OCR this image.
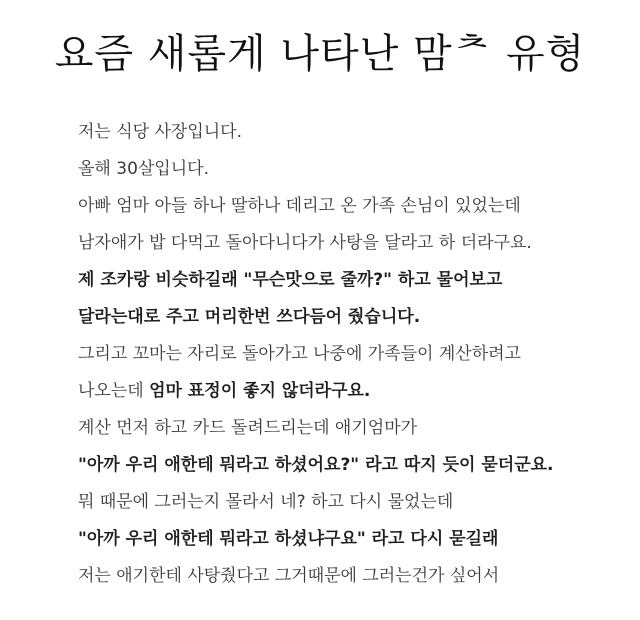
요즘 새롭게 나타난 맘ᄎ 유형
저는 식당 사장입니다.
올해 30살입니다.
아빠 엄마 아들 하나 딸하나 데리고 온 가족 손님이 있었는데
남자애가 밥 다먹고 돌아다니다가 사탕을 달라고 하 더라구요.
제 조카랑 비슷하길래 "무슨맛으로 줄까?" 하고 물어보고
달라는대로 주고 머리한번 쓰다듬어 줬습니다.
그리고 꼬마는 자리로 돌아가고 나중에 가족들이 계산하려고
나오는데 엄마 표정이 좋지 않더라구요.
계산 먼저 하고 카드 돌려드리는데 애기엄마가
"아까 우리 애한테 뭐라고 하셨어요?" 라고 따지 듯이 묻더군요.
뭐 때문에 그러는지 몰라서 네? 하고 다시 물었는데
"아까 우리 애한테 뭐라고 하셨냐구요" 라고 다시 묻길래
저는 애기한테 사탕줬다고 그거때문에 그러는건가 싶어서
